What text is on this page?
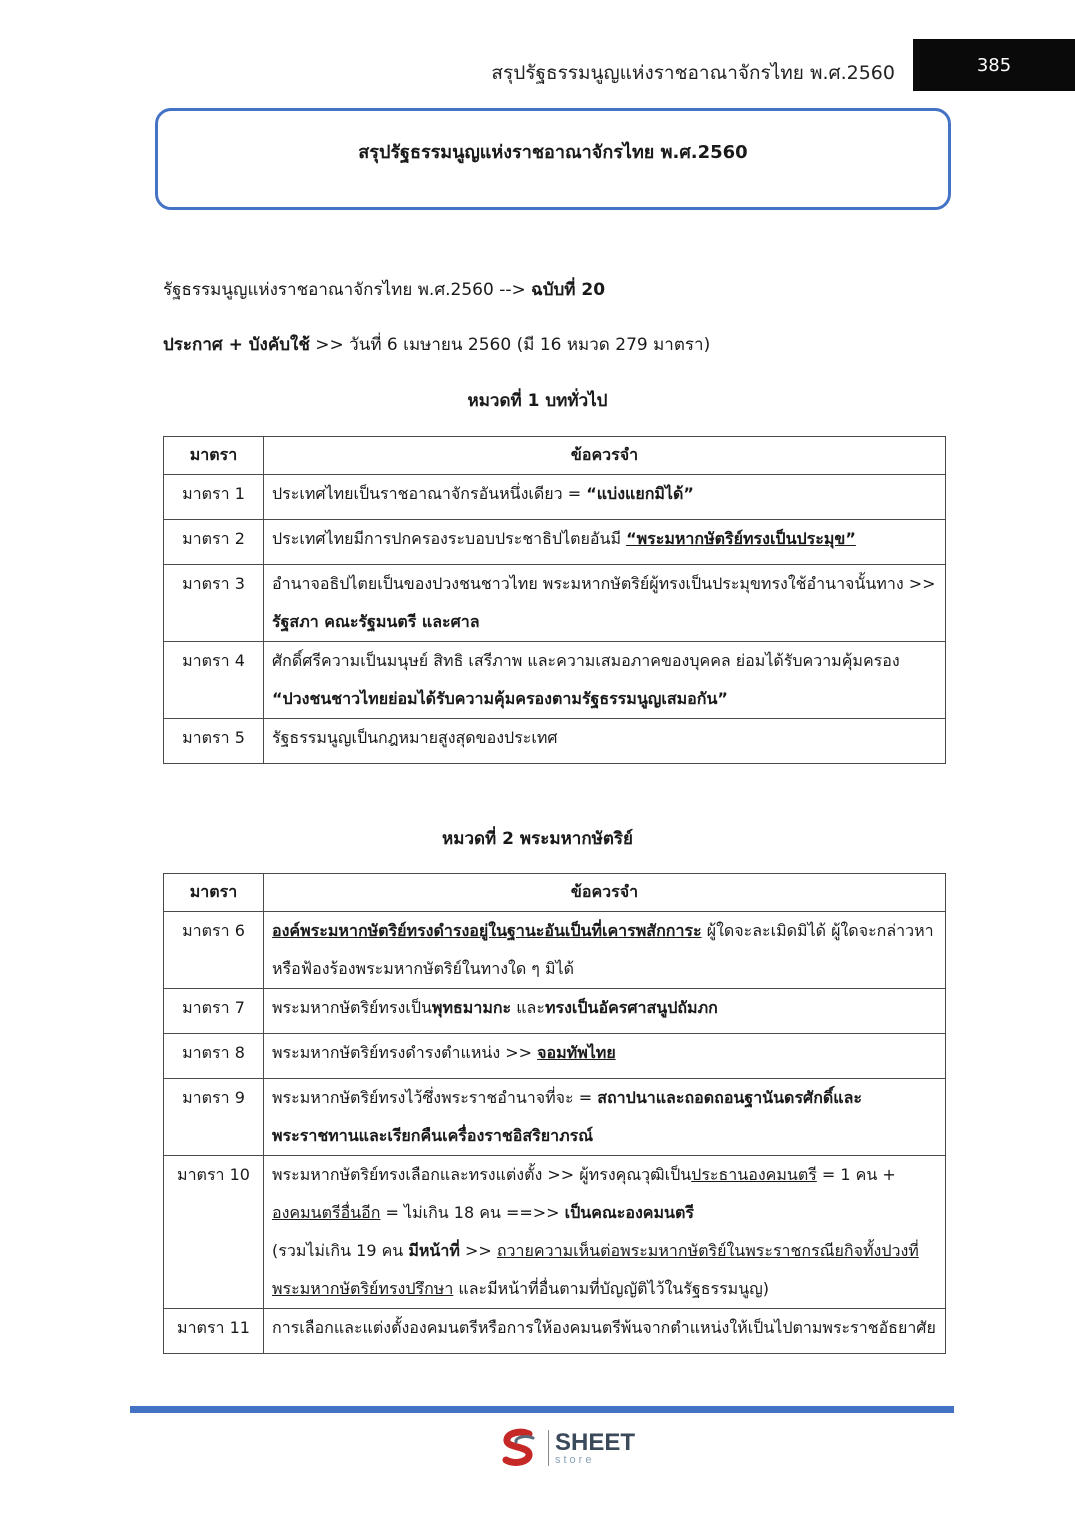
สรุปรัฐธรรมนูญแห่งราชอาณาจักรไทย พ.ศ.2560	385
สรุปรัฐธรรมนูญแห่งราชอาณาจักรไทย พ.ศ.2560
รัฐธรรมนูญแห่งราชอาณาจักรไทย พ.ศ.2560 --> ฉบับที่ 20
ประกาศ + บังคับใช้ >> วันที่ 6 เมษายน 2560 (มี 16 หมวด 279 มาตรา)
หมวดที่ 1 บททั่วไป
มาตรา	ข้อควรจำ
มาตรา 1	ประเทศไทยเป็นราชอาณาจักรอันหนึ่งเดียว = “แบ่งแยกมิได้”
มาตรา 2	ประเทศไทยมีการปกครองระบอบประชาธิปไตยอันมี “พระมหากษัตริย์ทรงเป็นประมุข”
มาตรา 3	อำนาจอธิปไตยเป็นของปวงชนชาวไทย พระมหากษัตริย์ผู้ทรงเป็นประมุขทรงใช้อำนาจนั้นทาง >> รัฐสภา คณะรัฐมนตรี และศาล
มาตรา 4	ศักดิ์ศรีความเป็นมนุษย์ สิทธิ เสรีภาพ และความเสมอภาคของบุคคล ย่อมได้รับความคุ้มครอง “ปวงชนชาวไทยย่อมได้รับความคุ้มครองตามรัฐธรรมนูญเสมอกัน”
มาตรา 5	รัฐธรรมนูญเป็นกฎหมายสูงสุดของประเทศ
หมวดที่ 2 พระมหากษัตริย์
มาตรา	ข้อควรจำ
มาตรา 6	องค์พระมหากษัตริย์ทรงดำรงอยู่ในฐานะอันเป็นที่เคารพสักการะ ผู้ใดจะละเมิดมิได้ ผู้ใดจะกล่าวหาหรือฟ้องร้องพระมหากษัตริย์ในทางใด ๆ มิได้
มาตรา 7	พระมหากษัตริย์ทรงเป็นพุทธมามกะ และทรงเป็นอัครศาสนูปถัมภก
มาตรา 8	พระมหากษัตริย์ทรงดำรงตำแหน่ง >> จอมทัพไทย
มาตรา 9	พระมหากษัตริย์ทรงไว้ซึ่งพระราชอำนาจที่จะ = สถาปนาและถอดถอนฐานันดรศักดิ์และพระราชทานและเรียกคืนเครื่องราชอิสริยาภรณ์
มาตรา 10	พระมหากษัตริย์ทรงเลือกและทรงแต่งตั้ง >> ผู้ทรงคุณวุฒิเป็นประธานองคมนตรี = 1 คน + องคมนตรีอื่นอีก = ไม่เกิน 18 คน ==>> เป็นคณะองคมนตรี
(รวมไม่เกิน 19 คน มีหน้าที่ >> ถวายความเห็นต่อพระมหากษัตริย์ในพระราชกรณียกิจทั้งปวงที่พระมหากษัตริย์ทรงปรึกษา และมีหน้าที่อื่นตามที่บัญญัติไว้ในรัฐธรรมนูญ)
มาตรา 11	การเลือกและแต่งตั้งองคมนตรีหรือการให้องคมนตรีพ้นจากตำแหน่งให้เป็นไปตามพระราชอัธยาศัย
SHEET
store
